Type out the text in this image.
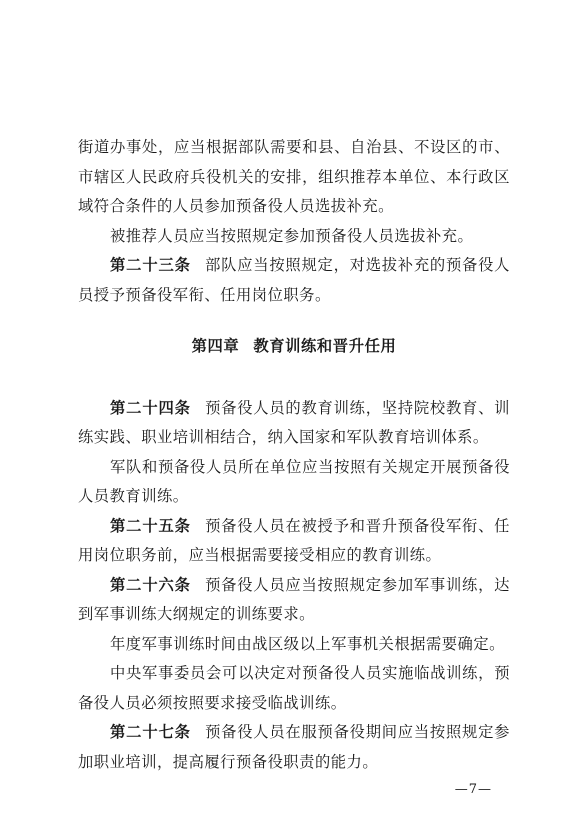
街道办事处，应当根据部队需要和县、自治县、不设区的市、市辖区人民政府兵役机关的安排，组织推荐本单位、本行政区域符合条件的人员参加预备役人员选拔补充。

被推荐人员应当按照规定参加预备役人员选拔补充。

第二十三条 部队应当按照规定，对选拔补充的预备役人员授予预备役军衔、任用岗位职务。

第四章 教育训练和晋升任用

第二十四条 预备役人员的教育训练，坚持院校教育、训练实践、职业培训相结合，纳入国家和军队教育培训体系。

军队和预备役人员所在单位应当按照有关规定开展预备役人员教育训练。

第二十五条 预备役人员在被授予和晋升预备役军衔、任用岗位职务前，应当根据需要接受相应的教育训练。

第二十六条 预备役人员应当按照规定参加军事训练，达到军事训练大纲规定的训练要求。

年度军事训练时间由战区级以上军事机关根据需要确定。

中央军事委员会可以决定对预备役人员实施临战训练，预备役人员必须按照要求接受临战训练。

第二十七条 预备役人员在服预备役期间应当按照规定参加职业培训，提高履行预备役职责的能力。

—7—
